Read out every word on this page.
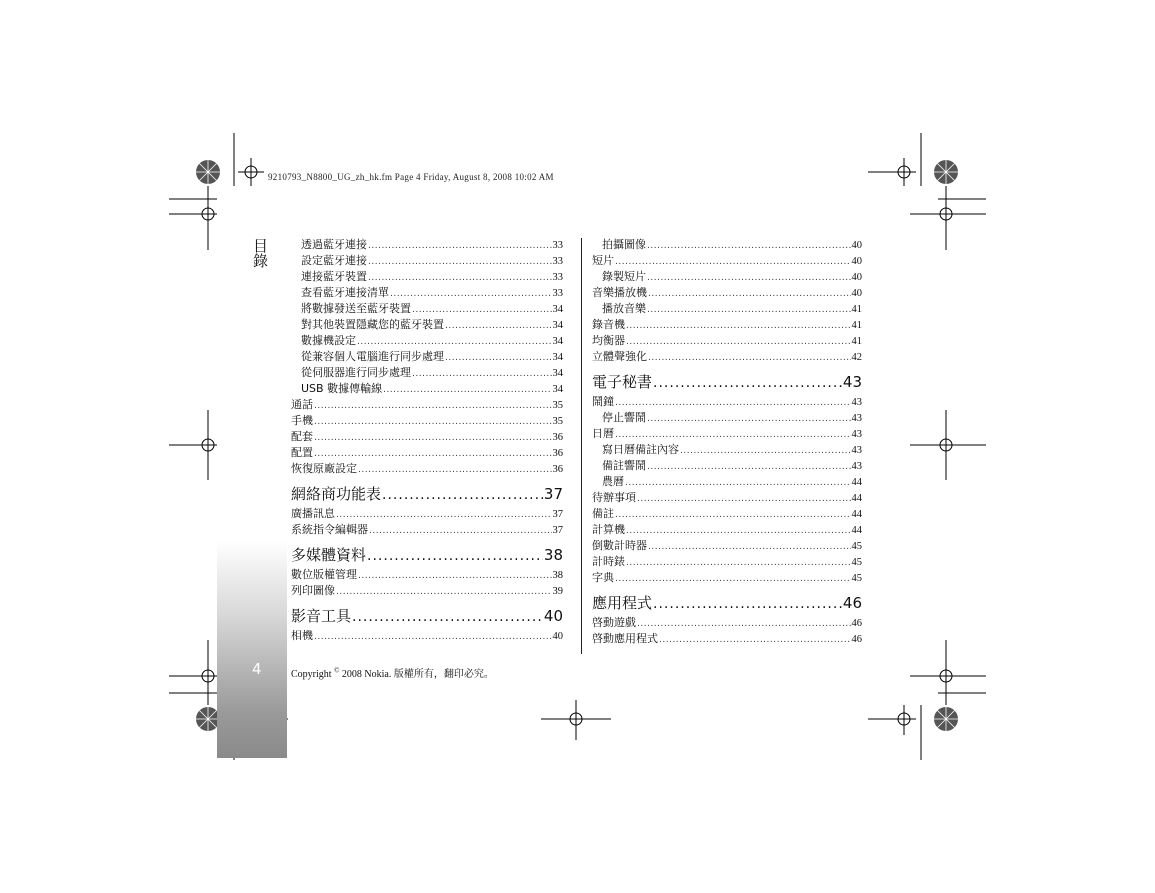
9210793_N8800_UG_zh_hk.fm Page 4 Friday, August 8, 2008 10:02 AM
目錄
4
透過藍牙連接 .....	33
設定藍牙連接 .....	33
連接藍牙裝置 .....	33
查看藍牙連接清單 .....	33
將數據發送至藍牙裝置 .....	34
對其他裝置隱藏您的藍牙裝置 .....	34
數據機設定 .....	34
從兼容個人電腦進行同步處理 .....	34
從伺服器進行同步處理 .....	34
USB 數據傳輸線 .....	34
通話 .....	35
手機 .....	35
配套 .....	36
配置 .....	36
恢復原廠設定 .....	36
網絡商功能表 .....	37
廣播訊息 .....	37
系統指令編輯器 .....	37
多媒體資料 .....	38
數位版權管理 .....	38
列印圖像 .....	39
影音工具 .....	40
相機 .....	40
拍攝圖像 .....	40
短片 .....	40
錄製短片 .....	40
音樂播放機 .....	40
播放音樂 .....	41
錄音機 .....	41
均衡器 .....	41
立體聲強化 .....	42
電子秘書 .....	43
鬧鐘 .....	43
停止響鬧 .....	43
日曆 .....	43
寫日曆備註內容 .....	43
備註響鬧 .....	43
農曆 .....	44
待辦事項 .....	44
備註 .....	44
計算機 .....	44
倒數計時器 .....	45
計時錶 .....	45
字典 .....	45
應用程式 .....	46
啓動遊戲 .....	46
啓動應用程式 .....	46
Copyright © 2008 Nokia. 版權所有，翻印必究。
